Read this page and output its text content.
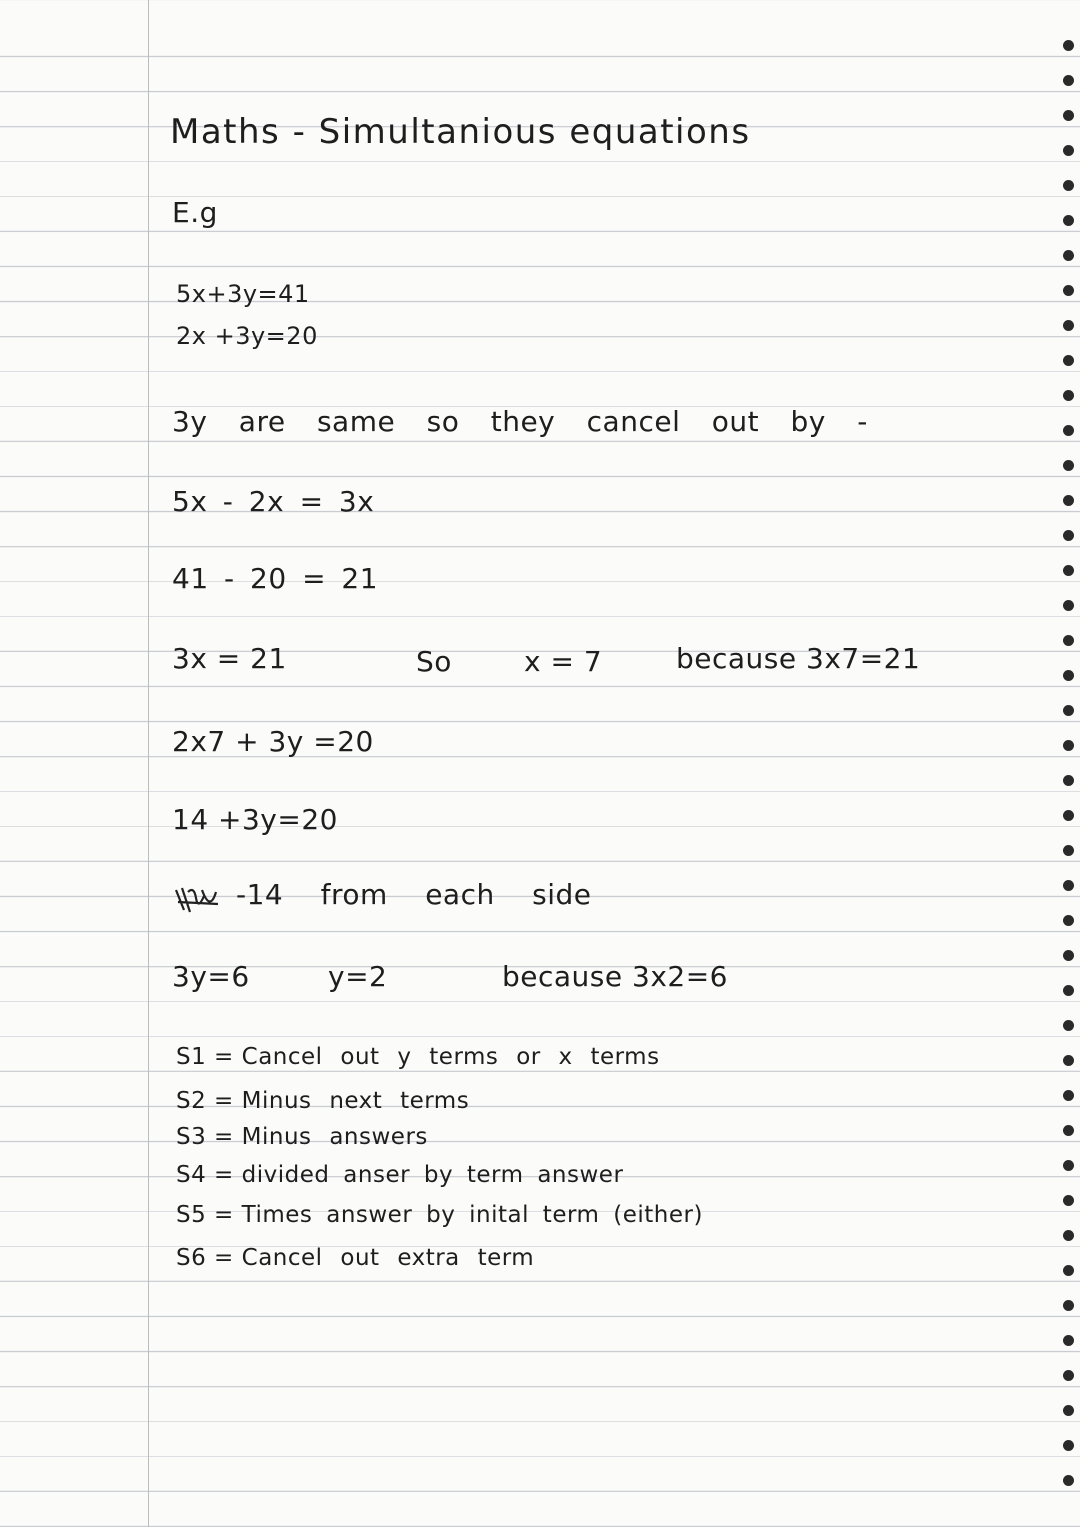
Maths - Simultanious equations
E.g
5x+3y=41
2x +3y=20
3y are same so they cancel out by -
5x - 2x = 3x
41 - 20 = 21
3x = 21	So	x = 7	because 3x7=21
2x7 + 3y =20
14 +3y=20
-14 from each side
3y=6	y=2	because 3x2=6
S1 = Cancel out y terms or x terms
S2 = Minus next terms
S3 = Minus answers
S4 = divided anser by term answer
S5 = Times answer by inital term (either)
S6 = Cancel out extra term
